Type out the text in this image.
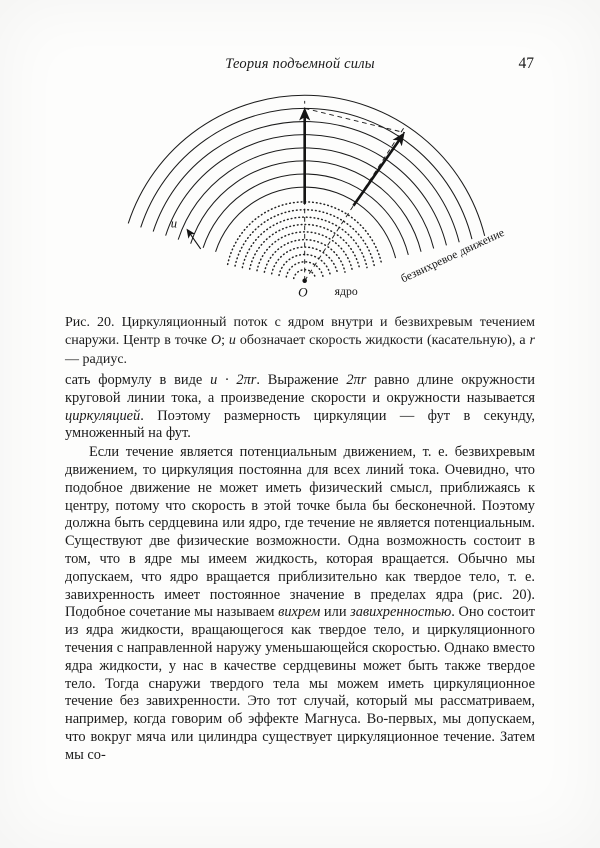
Теория подъемной силы	47
u
O ядро
безвихревое движение

Рис. 20. Циркуляционный поток с ядром внутри и безвихревым течением снаружи. Центр в точке O; u обозначает скорость жидкости (касательную), а r — радиус.

сать формулу в виде u · 2πr. Выражение 2πr равно длине окружности круговой линии тока, а произведение скорости и окружности называется циркуляцией. Поэтому размерность циркуляции — фут в секунду, умноженный на фут.

Если течение является потенциальным движением, т. е. безвихревым движением, то циркуляция постоянна для всех линий тока. Очевидно, что подобное движение не может иметь физический смысл, приближаясь к центру, потому что скорость в этой точке была бы бесконечной. Поэтому должна быть сердцевина или ядро, где течение не является потенциальным. Существуют две физические возможности. Одна возможность состоит в том, что в ядре мы имеем жидкость, которая вращается. Обычно мы допускаем, что ядро вращается приблизительно как твердое тело, т. е. завихренность имеет постоянное значение в пределах ядра (рис. 20). Подобное сочетание мы называем вихрем или завихренностью. Оно состоит из ядра жидкости, вращающегося как твердое тело, и циркуляционного течения с направленной наружу уменьшающейся скоростью. Однако вместо ядра жидкости, у нас в качестве сердцевины может быть также твердое тело. Тогда снаружи твердого тела мы можем иметь циркуляционное течение без завихренности. Это тот случай, который мы рассматриваем, например, когда говорим об эффекте Магнуса. Во-первых, мы допускаем, что вокруг мяча или цилиндра существует циркуляционное течение. Затем мы со-
